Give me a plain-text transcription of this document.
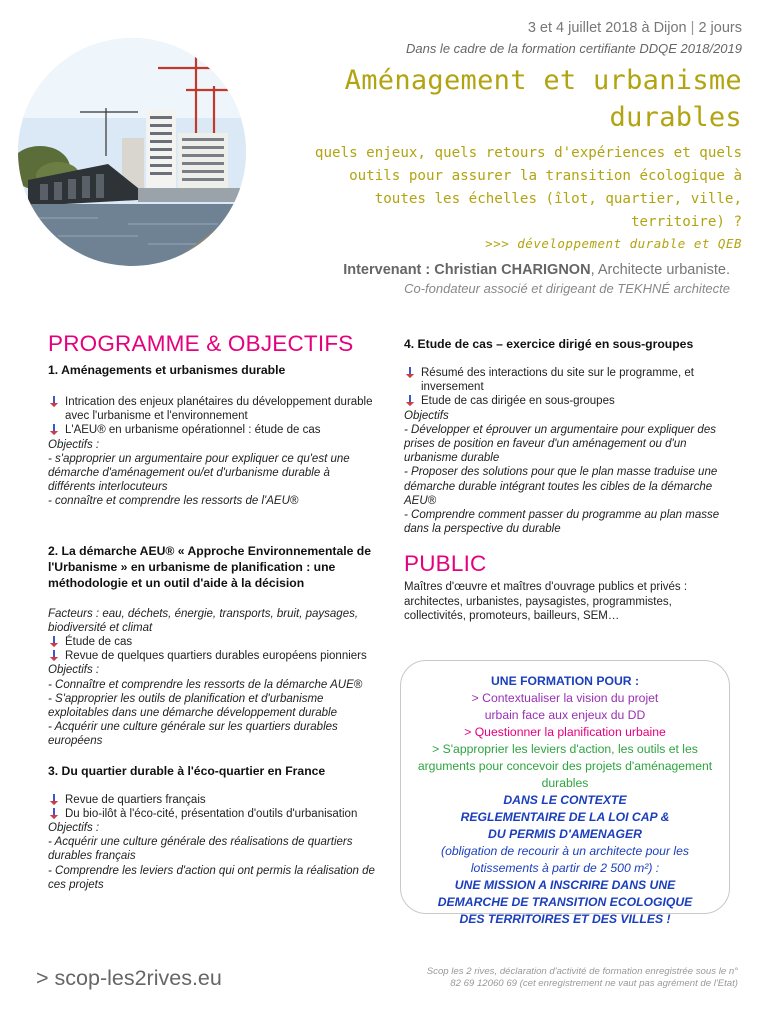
3 et 4 juillet 2018 à Dijon | 2 jours
Dans le cadre de la formation certifiante DDQE 2018/2019
Aménagement et urbanisme durables
quels enjeux, quels retours d'expériences et quels outils pour assurer la transition écologique à toutes les échelles (îlot, quartier, ville, territoire) ?
>>> développement durable et QEB
Intervenant : Christian CHARIGNON, Architecte urbaniste.
Co-fondateur associé et dirigeant de TEKHNÉ architecte
PROGRAMME & OBJECTIFS
1. Aménagements et urbanismes durable
Intrication des enjeux planétaires du développement durable avec l'urbanisme et l'environnement
L'AEU® en urbanisme opérationnel : étude de cas
Objectifs :
- s'approprier un argumentaire pour expliquer ce qu'est une démarche d'aménagement ou/et d'urbanisme durable à différents interlocuteurs
- connaître et comprendre les ressorts de l'AEU®
2. La démarche AEU® « Approche Environnementale de l'Urbanisme » en urbanisme de planification : une méthodologie et un outil d'aide à la décision
Facteurs : eau, déchets, énergie, transports, bruit, paysages, biodiversité et climat
Étude de cas
Revue de quelques quartiers durables européens pionniers
Objectifs :
- Connaître et comprendre les ressorts de la démarche AUE®
- S'approprier les outils de planification et d'urbanisme exploitables dans une démarche développement durable
- Acquérir une culture générale sur les quartiers durables européens
3. Du quartier durable à l'éco-quartier en France
Revue de quartiers français
Du bio-ilôt à l'éco-cité, présentation d'outils d'urbanisation
Objectifs :
- Acquérir une culture générale des réalisations de quartiers durables français
- Comprendre les leviers d'action qui ont permis la réalisation de ces projets
4. Etude de cas – exercice dirigé en sous-groupes
Résumé des interactions du site sur le programme, et inversement
Etude de cas dirigée en sous-groupes
Objectifs
- Développer et éprouver un argumentaire pour expliquer des prises de position en faveur d'un aménagement ou d'un urbanisme durable
- Proposer des solutions pour que le plan masse traduise une démarche durable intégrant toutes les cibles de la démarche AEU®
- Comprendre comment passer du programme au plan masse dans la perspective du durable
PUBLIC
Maîtres d'œuvre et maîtres d'ouvrage publics et privés : architectes, urbanistes, paysagistes, programmistes, collectivités, promoteurs, bailleurs, SEM…
UNE FORMATION POUR :
> Contextualiser la vision du projet urbain face aux enjeux du DD
> Questionner la planification urbaine
> S'approprier les leviers d'action, les outils et les arguments pour concevoir des projets d'aménagement durables
DANS LE CONTEXTE REGLEMENTAIRE DE LA LOI CAP & DU PERMIS D'AMENAGER
(obligation de recourir à un architecte pour les lotissements à partir de 2 500 m²) :
UNE MISSION A INSCRIRE DANS UNE DEMARCHE DE TRANSITION ECOLOGIQUE DES TERRITOIRES ET DES VILLES !
> scop-les2rives.eu	Scop les 2 rives, déclaration d'activité de formation enregistrée sous le n° 82 69 12060 69 (cet enregistrement ne vaut pas agrément de l'Etat)
